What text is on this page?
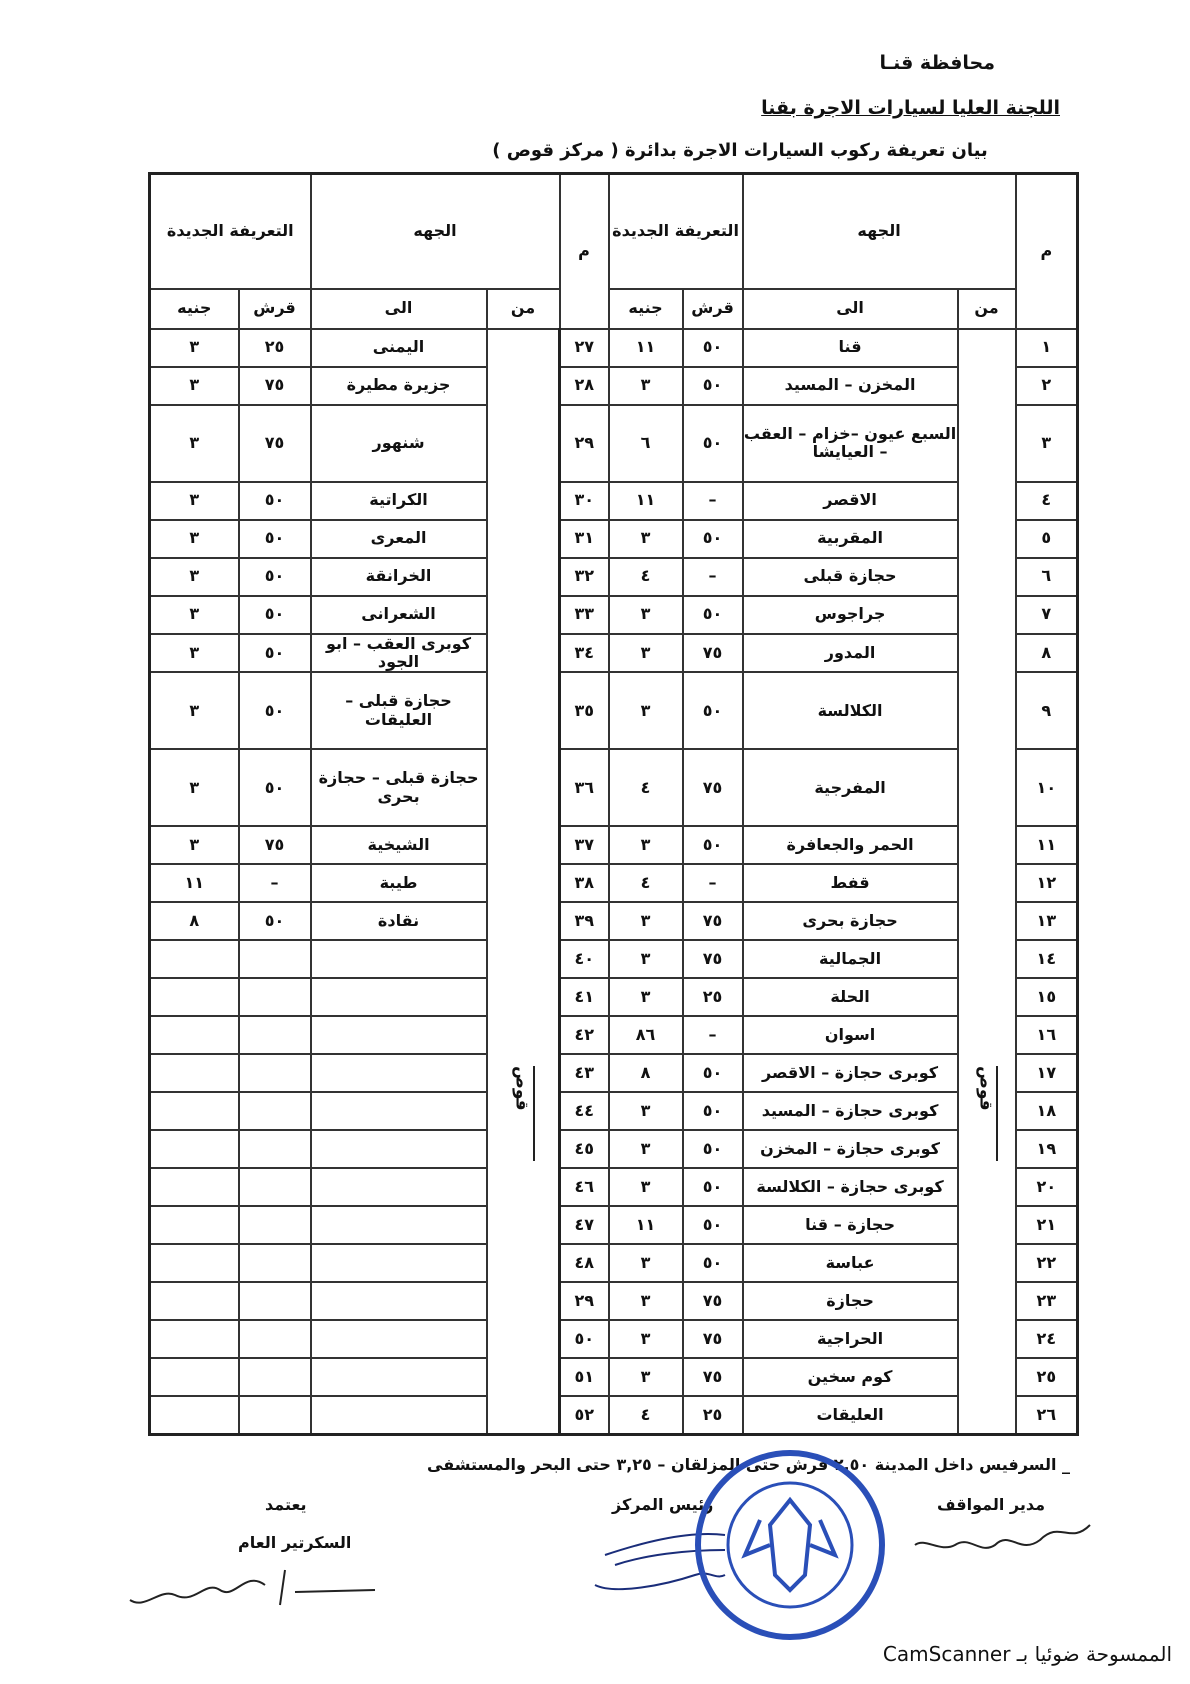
محافظة قنـا
اللجنة العليا لسيارات الاجرة بقنا
بيان تعريفة ركوب السيارات الاجرة بدائرة ( مركز قوص )
م	الجهه		التعريفة الجديدة		م	الجهه		التعريفة الجديدة	
	من	الى	قرش	جنيه		من	الى	قرش	جنيه
١	قوص	قنا	٥٠	١١	٢٧	قوص	اليمنى	٢٥	٣
٢		المخزن – المسيد	٥٠	٣	٢٨		جزيرة مطيرة	٧٥	٣
٣		السبع عيون –خزام – العقب – العيايشا	٥٠	٦	٢٩		شنهور	٧٥	٣
٤		الاقصر	–	١١	٣٠		الكراتية	٥٠	٣
٥		المقربية	٥٠	٣	٣١		المعرى	٥٠	٣
٦		حجازة قبلى	–	٤	٣٢		الخرانقة	٥٠	٣
٧		جراجوس	٥٠	٣	٣٣		الشعرانى	٥٠	٣
٨		المدور	٧٥	٣	٣٤		كوبرى العقب – ابو الجود	٥٠	٣
٩		الكلالسة	٥٠	٣	٣٥		حجازة قبلى – العليقات	٥٠	٣
١٠		المفرجية	٧٥	٤	٣٦		حجازة قبلى – حجازة بحرى	٥٠	٣
١١		الحمر والجعافرة	٥٠	٣	٣٧		الشيخية	٧٥	٣
١٢		قفط	–	٤	٣٨		طيبة	–	١١
١٣		حجازة بحرى	٧٥	٣	٣٩		نقادة	٥٠	٨
١٤		الجمالية	٧٥	٣	٤٠				
١٥		الحلة	٢٥	٣	٤١				
١٦		اسوان	–	٨٦	٤٢				
١٧		كوبرى حجازة – الاقصر	٥٠	٨	٤٣				
١٨		كوبرى حجازة – المسيد	٥٠	٣	٤٤				
١٩		كوبرى حجازة – المخزن	٥٠	٣	٤٥				
٢٠		كوبرى حجازة – الكلالسة	٥٠	٣	٤٦				
٢١		حجازة – قنا	٥٠	١١	٤٧				
٢٢		عباسة	٥٠	٣	٤٨				
٢٣		حجازة	٧٥	٣	٢٩				
٢٤		الحراجية	٧٥	٣	٥٠				
٢٥		كوم سخين	٧٥	٣	٥١				
٢٦		العليقات	٢٥	٤	٥٢				
_ السرفيس داخل المدينة ٢,٥٠ قرش حتى المزلقان – ٣,٢٥ حتى البحر والمستشفى
مدير المواقف
رئيس المركز
يعتمد
السكرتير العام
الممسوحة ضوئيا بـ CamScanner
